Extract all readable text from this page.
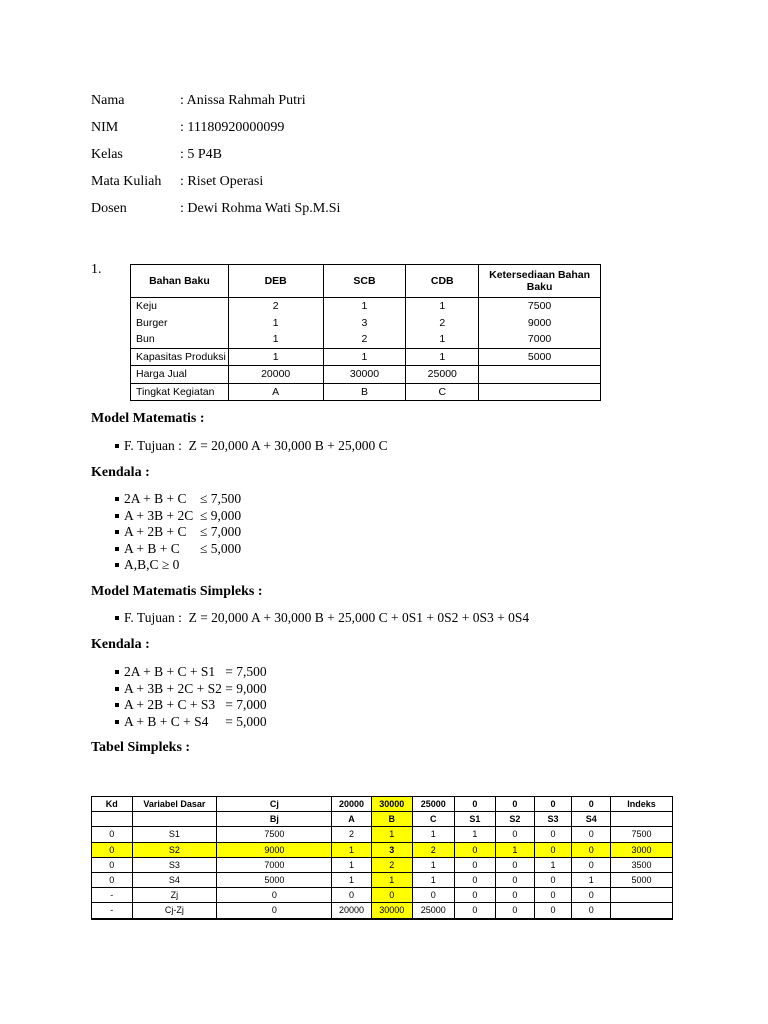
Nama	: Anissa Rahmah Putri
NIM	: 11180920000099
Kelas	: 5 P4B
Mata Kuliah	: Riset Operasi
Dosen	: Dewi Rohma Wati Sp.M.Si
1.
Bahan Baku	DEB	SCB	CDB	Ketersediaan Bahan Baku
Keju	2	1	1	7500
Burger	1	3	2	9000
Bun	1	2	1	7000
Kapasitas Produksi	1	1	1	5000
Harga Jual	20000	30000	25000	
Tingkat Kegiatan	A	B	C	
Model Matematis :
F. Tujuan :  Z = 20,000 A + 30,000 B + 25,000 C
Kendala :
2A + B + C    ≤ 7,500
A + 3B + 2C  ≤ 9,000
A + 2B + C    ≤ 7,000
A + B + C      ≤ 5,000
A,B,C ≥ 0
Model Matematis Simpleks :
F. Tujuan :  Z = 20,000 A + 30,000 B + 25,000 C + 0S1 + 0S2 + 0S3 + 0S4
Kendala :
2A + B + C + S1   = 7,500
A + 3B + 2C + S2 = 9,000
A + 2B + C + S3   = 7,000
A + B + C + S4     = 5,000
Tabel Simpleks :
Kd	Variabel Dasar	Cj	20000	30000	25000	0	0	0	0	Indeks
		Bj	A	B	C	S1	S2	S3	S4	
0	S1	7500	2	1	1	1	0	0	0	7500
0	S2	9000	1	3	2	0	1	0	0	3000
0	S3	7000	1	2	1	0	0	1	0	3500
0	S4	5000	1	1	1	0	0	0	1	5000
-	Zj	0	0	0	0	0	0	0	0	
-	Cj-Zj	0	20000	30000	25000	0	0	0	0	
